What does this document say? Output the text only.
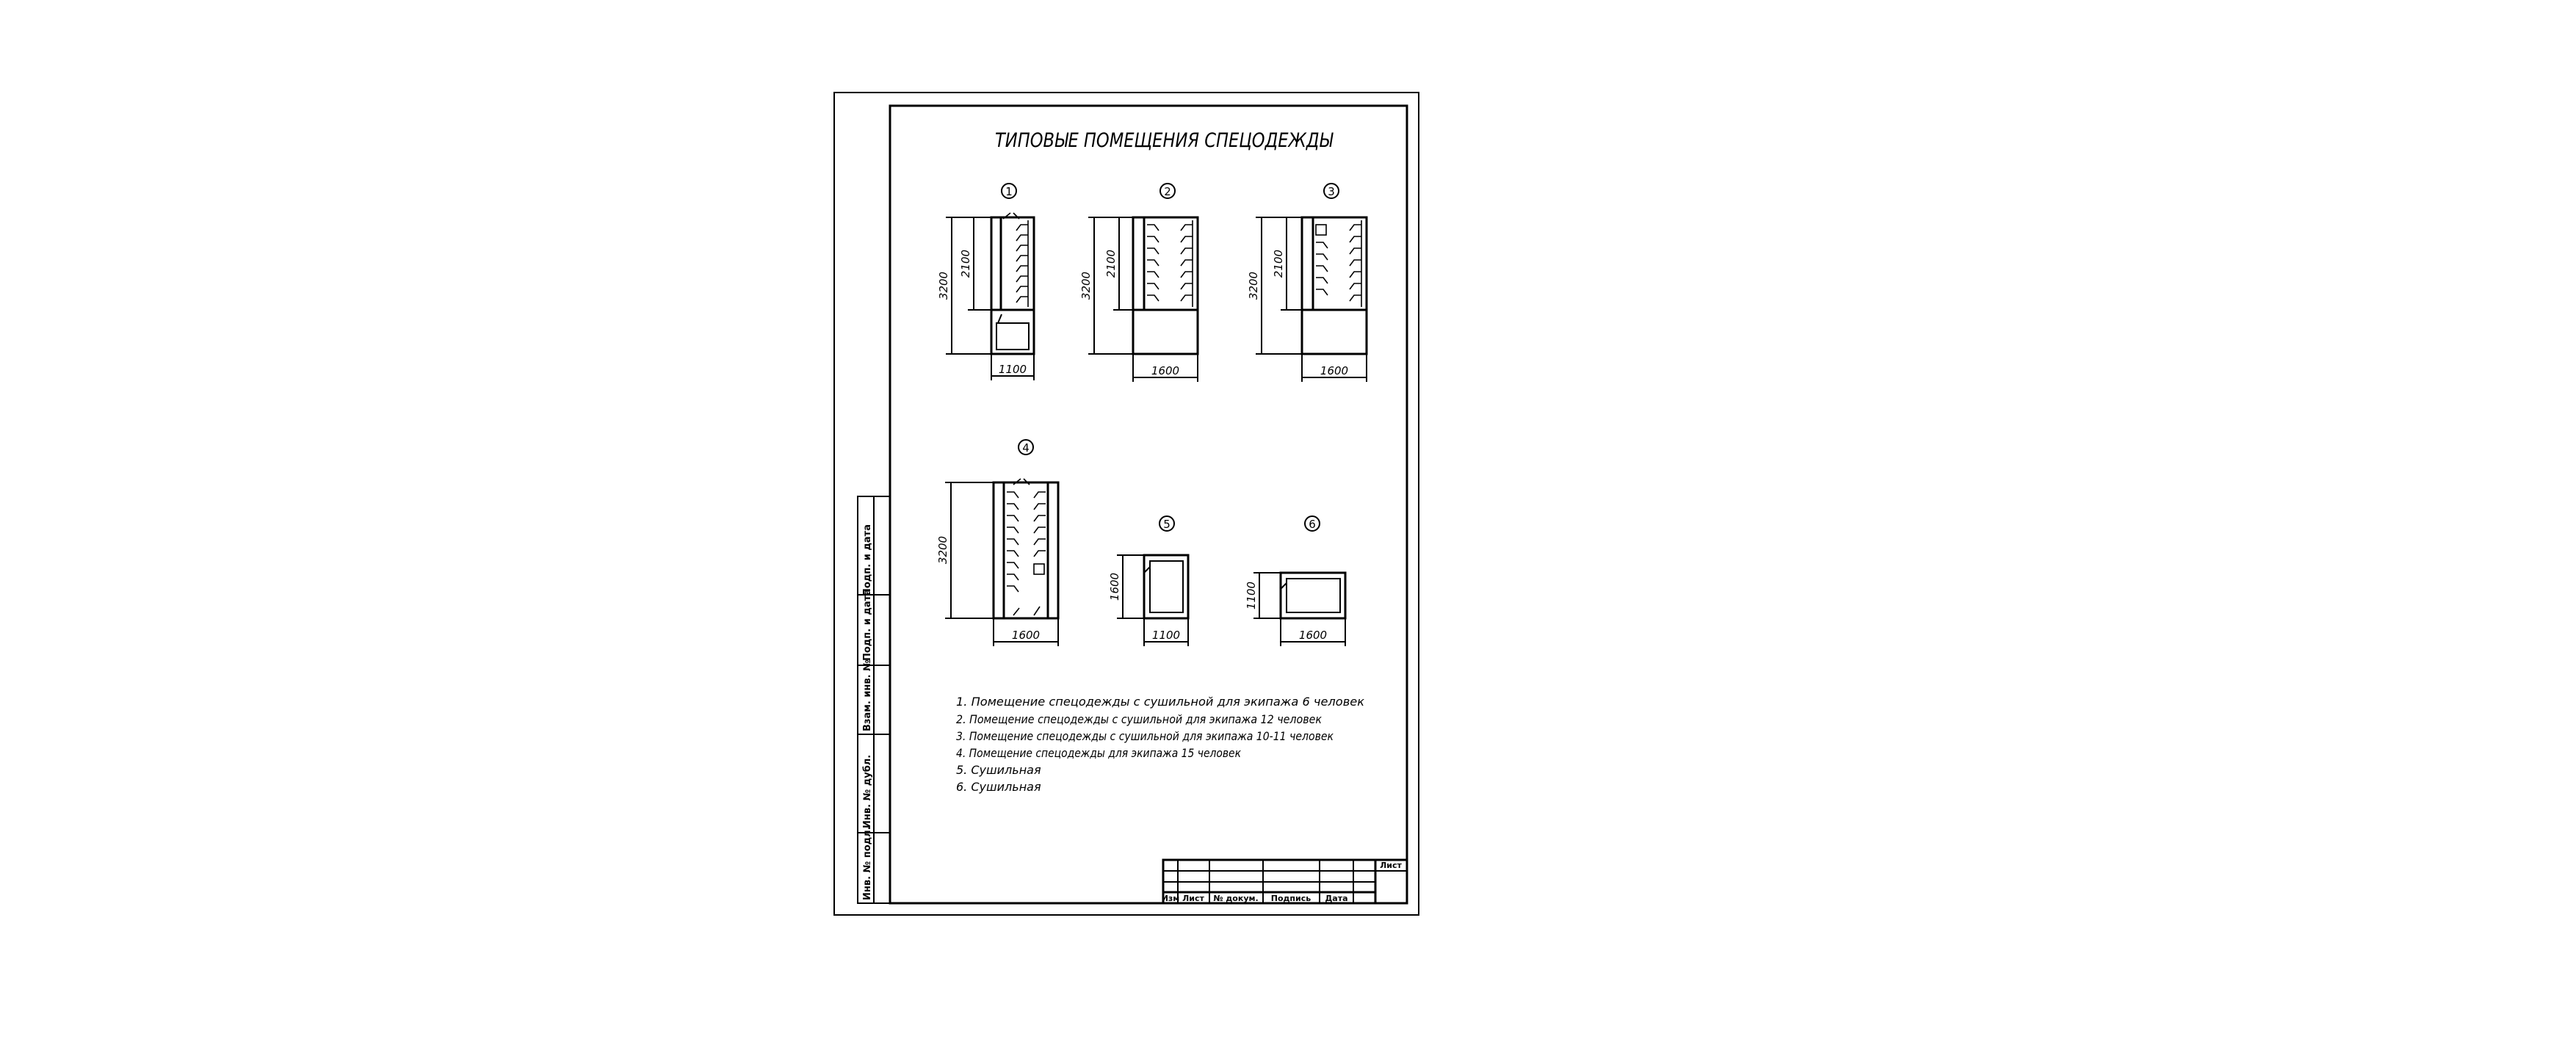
Подп. и дата
Подп. и дата
Взам. инв. №
Инв. № дубл.
Инв. № подл.
ТИПОВЫЕ ПОМЕЩЕНИЯ СПЕЦОДЕЖДЫ
1
3200
2100
1100
2
3200
2100
1600
3
3200
2100
1600
4
3200
1600
5
1600
1100
6
1100
1600
1. Помещение спецодежды с сушильной для экипажа 6 человек
2. Помещение спецодежды с сушильной для экипажа 12 человек
3. Помещение спецодежды с сушильной для экипажа 10-11 человек
4. Помещение спецодежды для экипажа 15 человек
5. Сушильная
6. Сушильная
Лист
Изм Лист № докум. Подпись Дата
